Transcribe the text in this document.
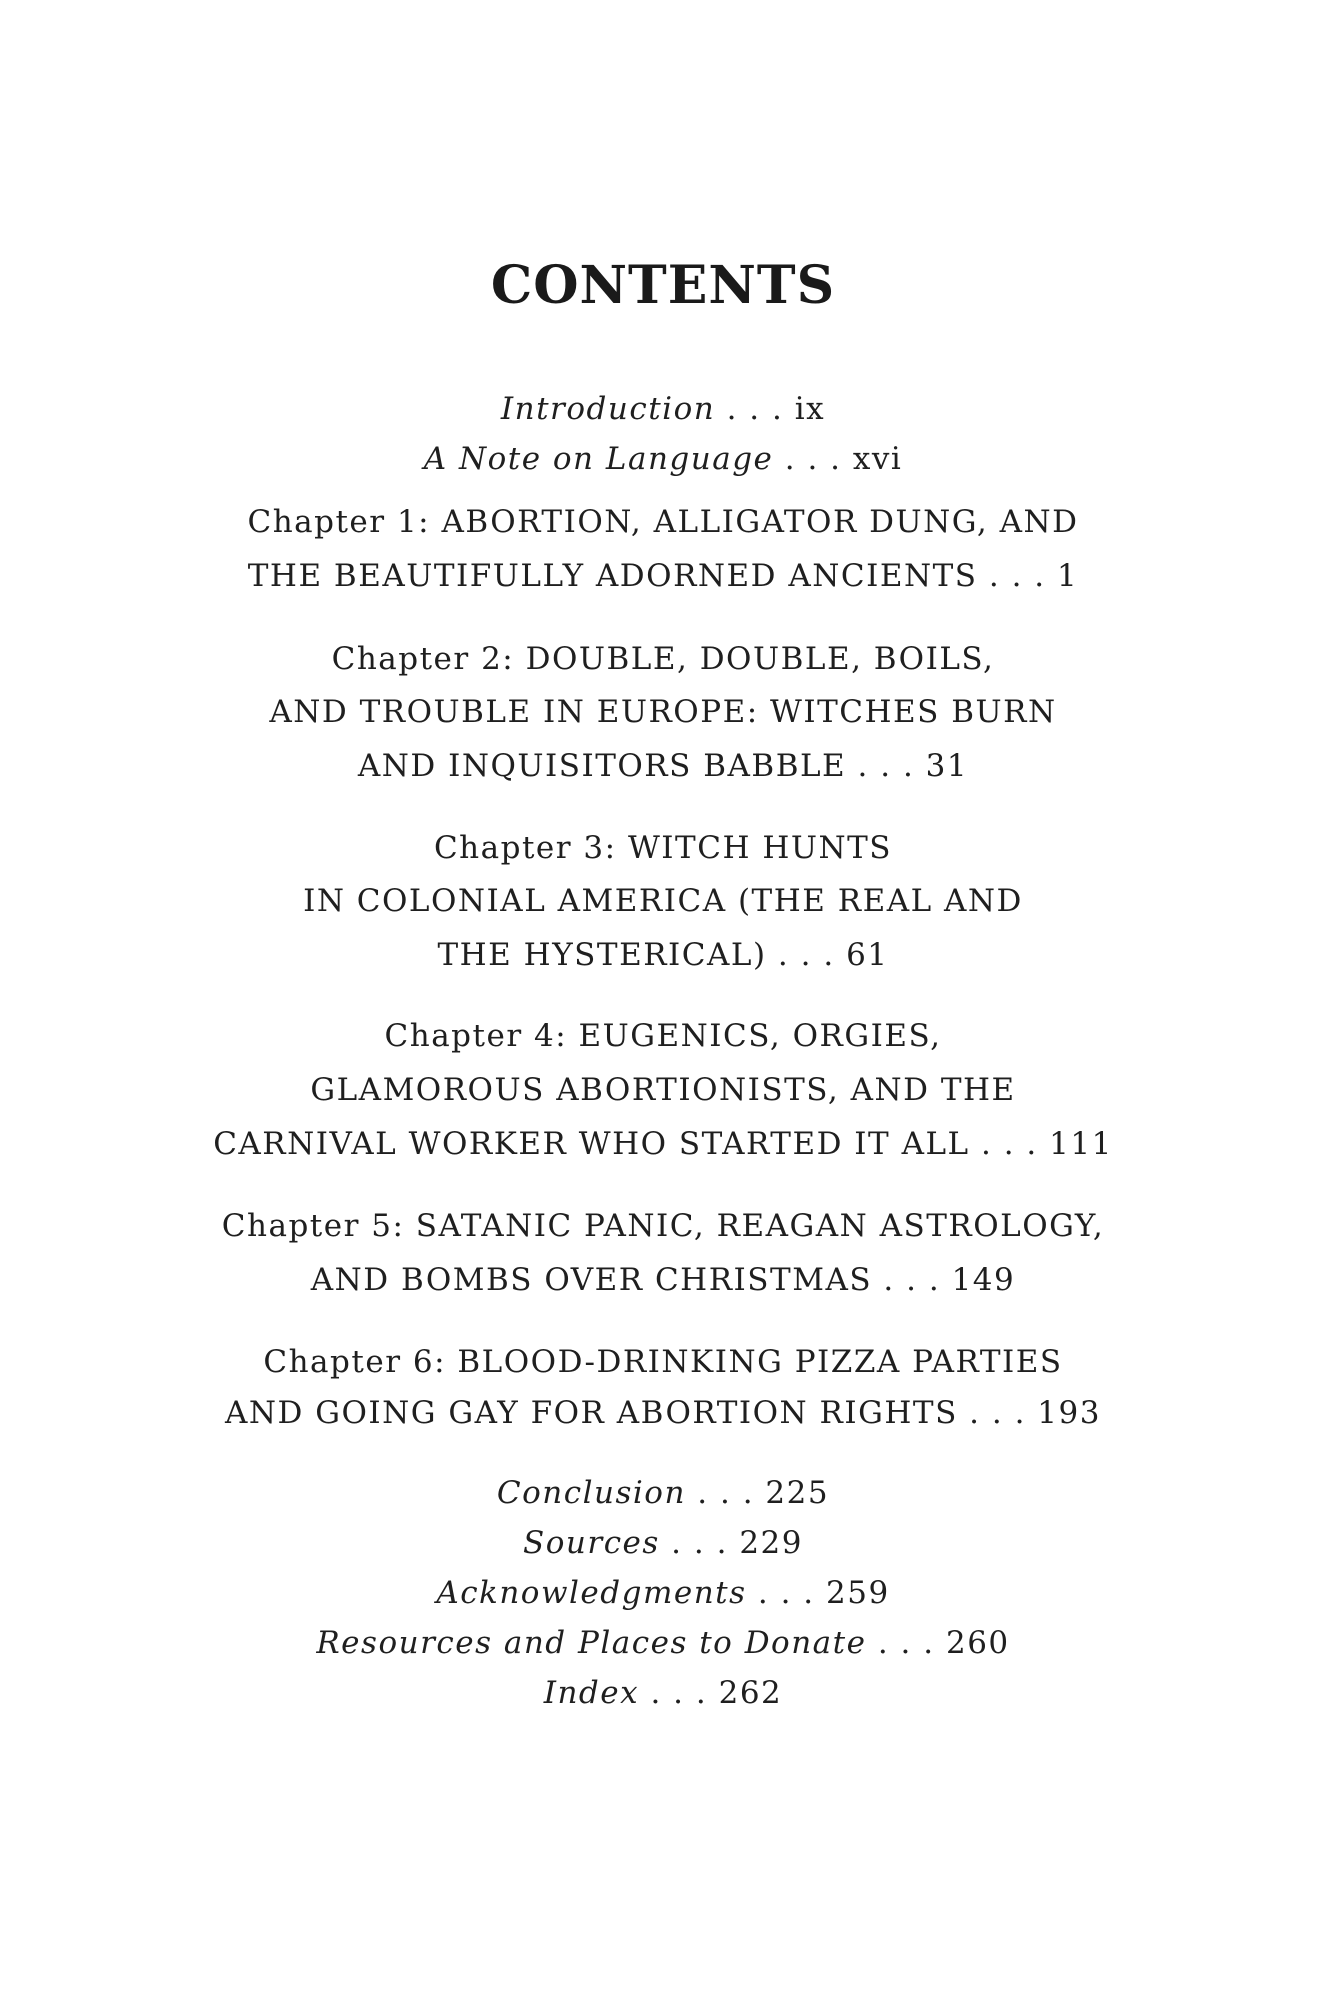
CONTENTS
Introduction . . . ix
A Note on Language . . . xvi
Chapter 1: ABORTION, ALLIGATOR DUNG, AND
THE BEAUTIFULLY ADORNED ANCIENTS . . . 1
Chapter 2: DOUBLE, DOUBLE, BOILS,
AND TROUBLE IN EUROPE: WITCHES BURN
AND INQUISITORS BABBLE . . . 31
Chapter 3: WITCH HUNTS
IN COLONIAL AMERICA (THE REAL AND
THE HYSTERICAL) . . . 61
Chapter 4: EUGENICS, ORGIES,
GLAMOROUS ABORTIONISTS, AND THE
CARNIVAL WORKER WHO STARTED IT ALL . . . 111
Chapter 5: SATANIC PANIC, REAGAN ASTROLOGY,
AND BOMBS OVER CHRISTMAS . . . 149
Chapter 6: BLOOD-DRINKING PIZZA PARTIES
AND GOING GAY FOR ABORTION RIGHTS . . . 193
Conclusion . . . 225
Sources . . . 229
Acknowledgments . . . 259
Resources and Places to Donate . . . 260
Index . . . 262
